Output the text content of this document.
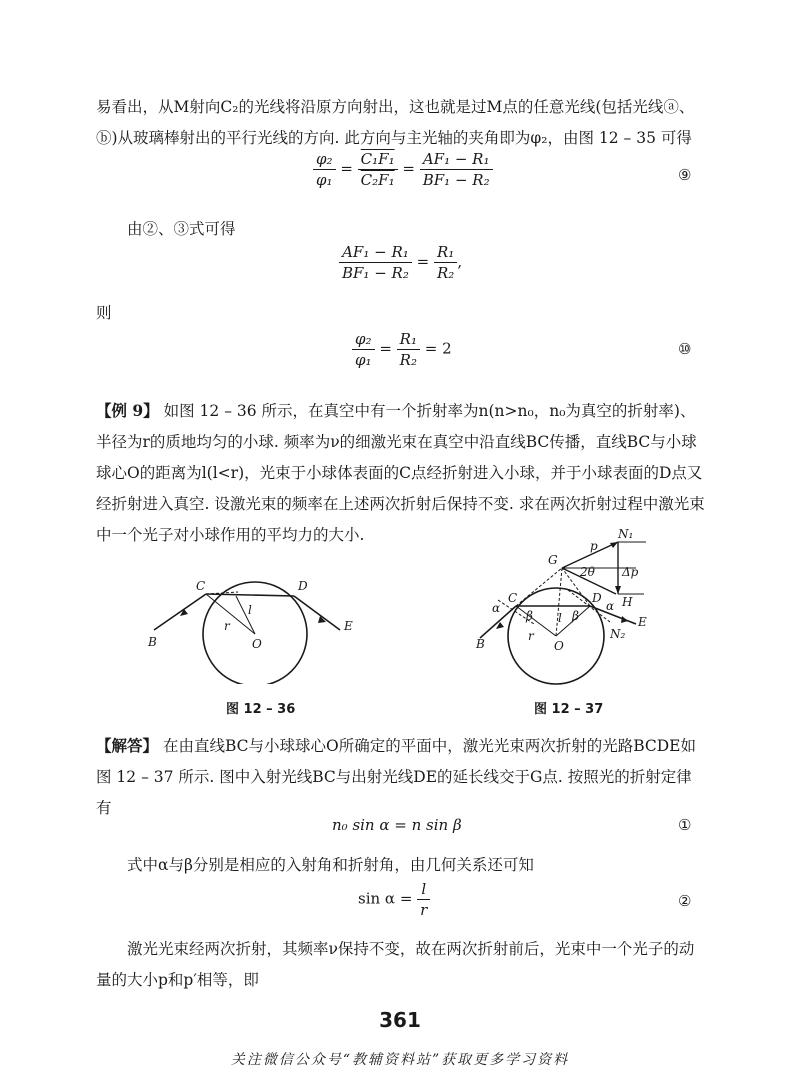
易看出，从M射向C₂的光线将沿原方向射出，这也就是过M点的任意光线(包括光线ⓐ、ⓑ)从玻璃棒射出的平行光线的方向. 此方向与主光轴的夹角即为φ₂，由图 12 – 35 可得
$\frac{\text{φ₂}}{\text{φ₁}} = \frac{\text{C₁F₁}}{\text{C₂F₁}} = \frac{\text{AF₁ − R₁}}{\text{BF₁ − R₂}}$	⑨
由②、③式可得
$\frac{\text{AF₁ − R₁}}{\text{BF₁ − R₂}} = \frac{\text{R₁}}{\text{R₂}}$ ,
则
$\frac{\text{φ₂}}{\text{φ₁}} = \frac{\text{R₁}}{\text{R₂}} = 2$	⑩
【例 9】 如图 12 – 36 所示，在真空中有一个折射率为n(n>n₀，n₀为真空的折射率)、半径为r的质地均匀的小球. 频率为ν的细激光束在真空中沿直线BC传播，直线BC与小球球心O的距离为l(l<r)，光束于小球体表面的C点经折射进入小球，并于小球表面的D点又经折射进入真空. 设激光束的频率在上述两次折射后保持不变. 求在两次折射过程中激光束中一个光子对小球作用的平均力的大小.
C	D
B
E
O
l
r
图 12 – 36
N₁
p
Δp
G
2θ
H
C	D
E
B	O
N₂
α	α
β	β
l
r
图 12 – 37
【解答】 在由直线BC与小球球心O所确定的平面中，激光光束两次折射的光路BCDE如图 12 – 37 所示. 图中入射光线BC与出射光线DE的延长线交于G点. 按照光的折射定律有
n₀ sin α = n sin β	①
式中α与β分别是相应的入射角和折射角，由几何关系还可知
$\sin \alpha = \frac{l}{r}$	②
激光光束经两次折射，其频率ν保持不变，故在两次折射前后，光束中一个光子的动量的大小p和p′相等，即
361
关注微信公众号“教辅资料站”获取更多学习资料
